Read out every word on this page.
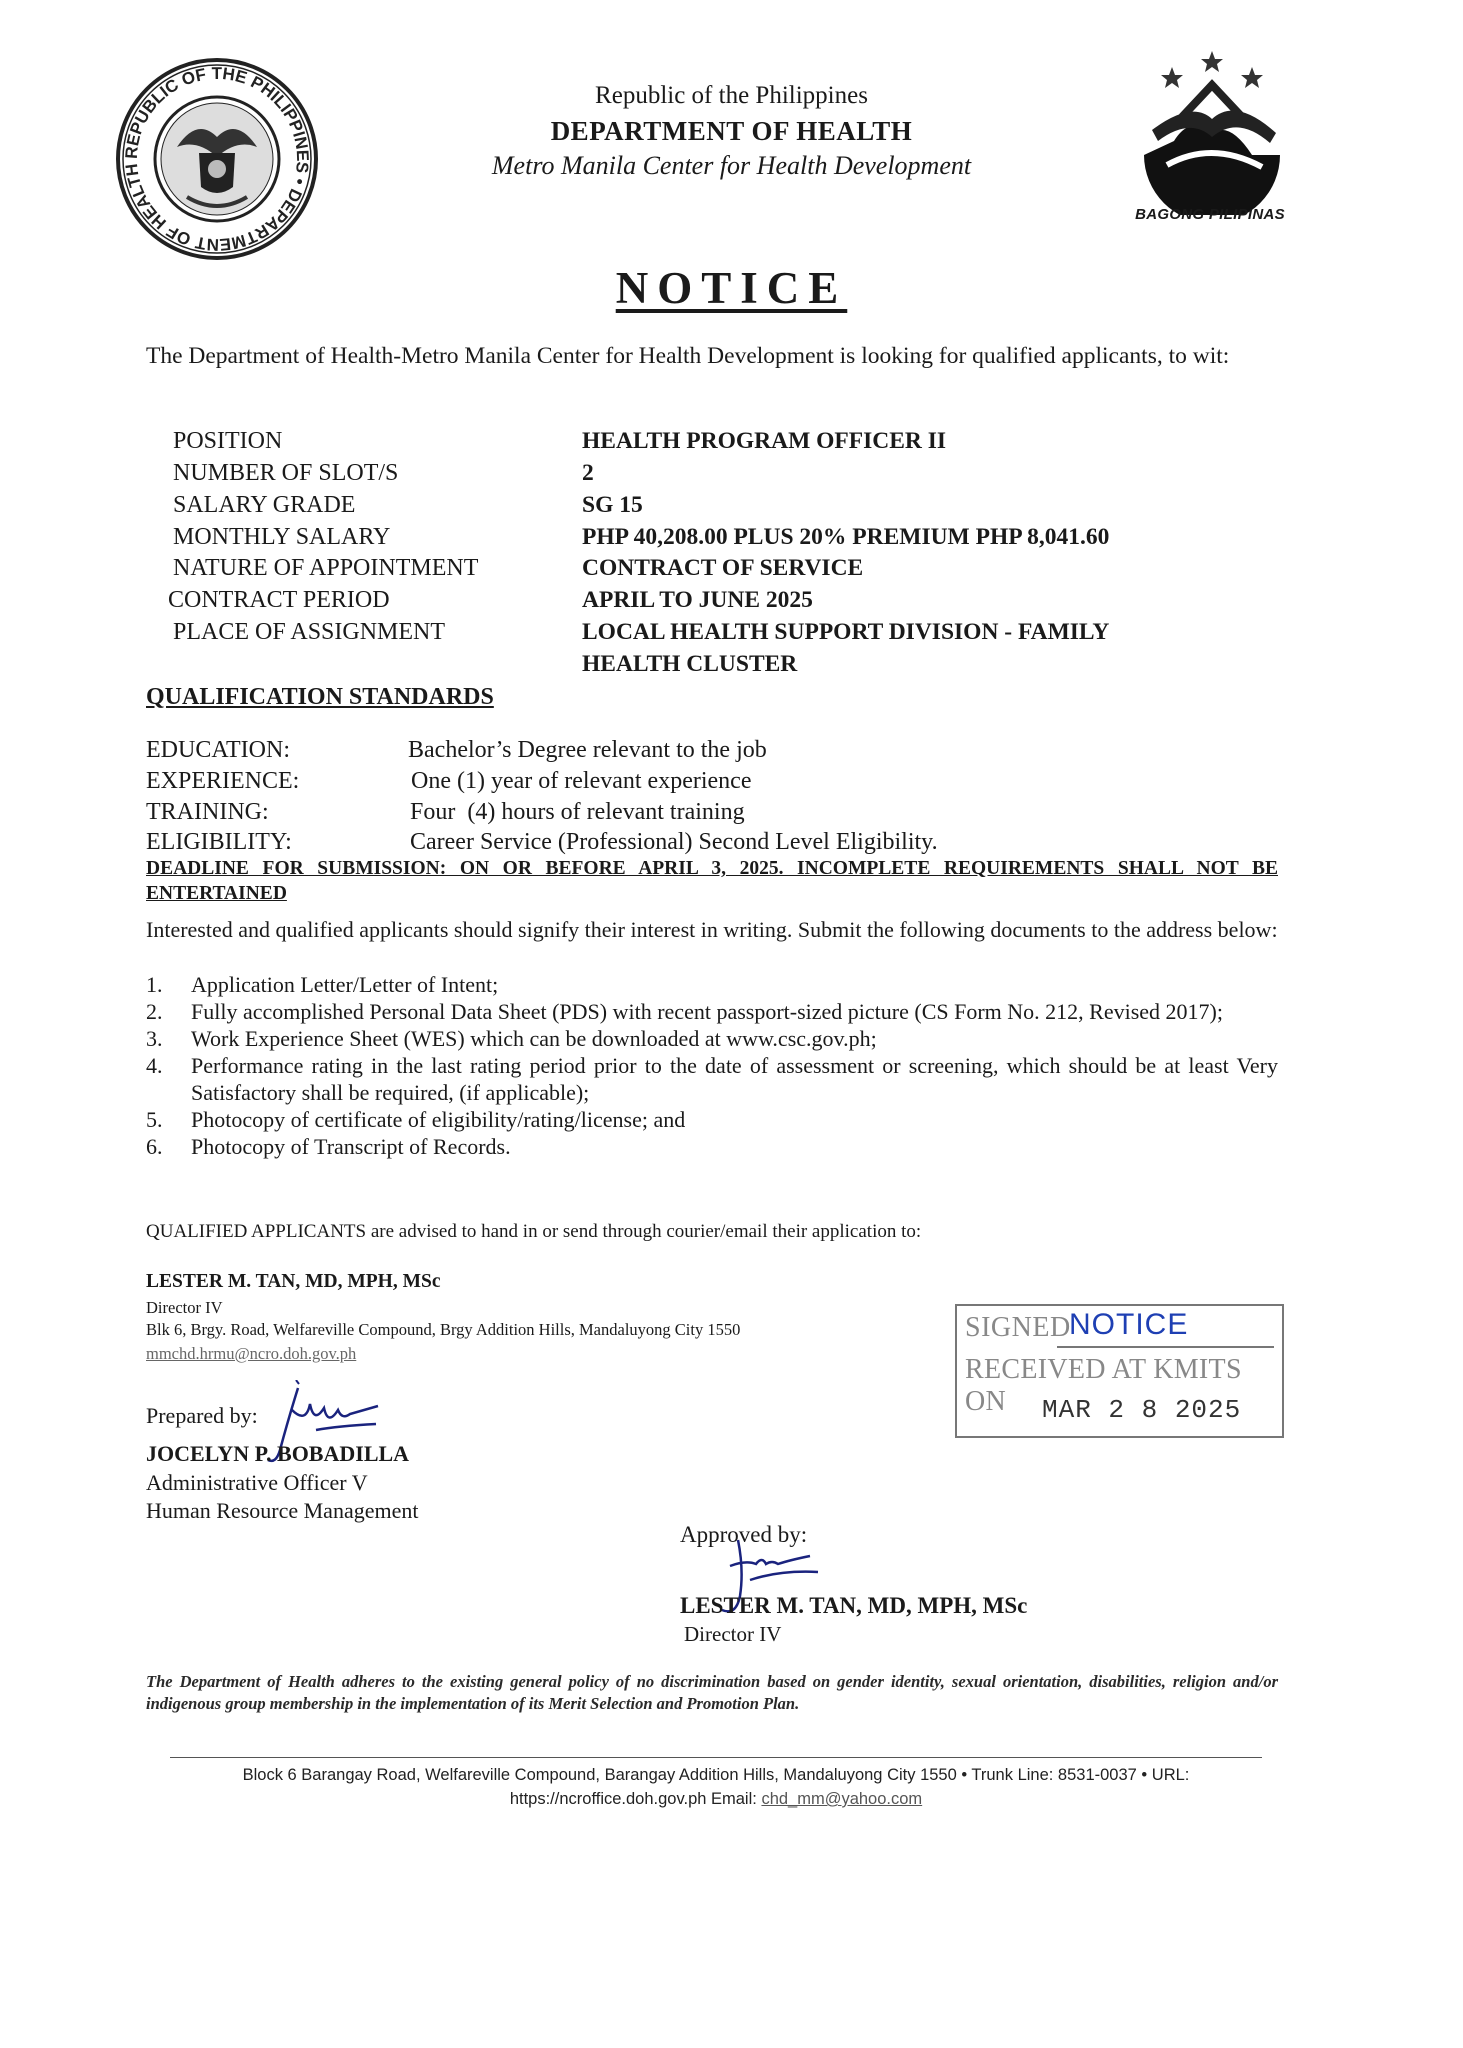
REPUBLIC OF THE PHILIPPINES • DEPARTMENT OF HEALTH
Republic of the Philippines
DEPARTMENT OF HEALTH
Metro Manila Center for Health Development
BAGONG PILIPINAS
NOTICE
The Department of Health-Metro Manila Center for Health Development is looking for qualified applicants, to wit:
POSITION	HEALTH PROGRAM OFFICER II
NUMBER OF SLOT/S	2
SALARY GRADE	SG 15
MONTHLY SALARY	PHP 40,208.00 PLUS 20% PREMIUM PHP 8,041.60
NATURE OF APPOINTMENT	CONTRACT OF SERVICE
CONTRACT PERIOD	APRIL TO JUNE 2025
PLACE OF ASSIGNMENT	LOCAL HEALTH SUPPORT DIVISION - FAMILY
HEALTH CLUSTER
QUALIFICATION STANDARDS
EDUCATION:	Bachelor’s Degree relevant to the job
EXPERIENCE:	One (1) year of relevant experience
TRAINING:	Four  (4) hours of relevant training
ELIGIBILITY:	Career Service (Professional) Second Level Eligibility.
DEADLINE FOR SUBMISSION: ON OR BEFORE APRIL 3, 2025. INCOMPLETE REQUIREMENTS SHALL NOT BE ENTERTAINED
Interested and qualified applicants should signify their interest in writing. Submit the following documents to the address below:

1. Application Letter/Letter of Intent;

2. Fully accomplished Personal Data Sheet (PDS) with recent passport-sized picture (CS Form No. 212, Revised 2017);

3. Work Experience Sheet (WES) which can be downloaded at www.csc.gov.ph;

4. Performance rating in the last rating period prior to the date of assessment or screening, which should be at least Very Satisfactory shall be required, (if applicable);

5. Photocopy of certificate of eligibility/rating/license; and

6. Photocopy of Transcript of Records.

QUALIFIED APPLICANTS are advised to hand in or send through courier/email their application to:
LESTER M. TAN, MD, MPH, MSc
Director IV
Blk 6, Brgy. Road, Welfareville Compound, Brgy Addition Hills, Mandaluyong City 1550
mmchd.hrmu@ncro.doh.gov.ph
SIGNED
NOTICE
RECEIVED AT KMITS ON	MAR 2 8 2025
Prepared by:
JOCELYN P. BOBADILLA
Administrative Officer V
Human Resource Management
Approved by:
LESTER M. TAN, MD, MPH, MSc
Director IV
The Department of Health adheres to the existing general policy of no discrimination based on gender identity, sexual orientation, disabilities, religion and/or indigenous group membership in the implementation of its Merit Selection and Promotion Plan.
Block 6 Barangay Road, Welfareville Compound, Barangay Addition Hills, Mandaluyong City 1550 • Trunk Line: 8531-0037 • URL:
https://ncroffice.doh.gov.ph Email: chd_mm@yahoo.com
